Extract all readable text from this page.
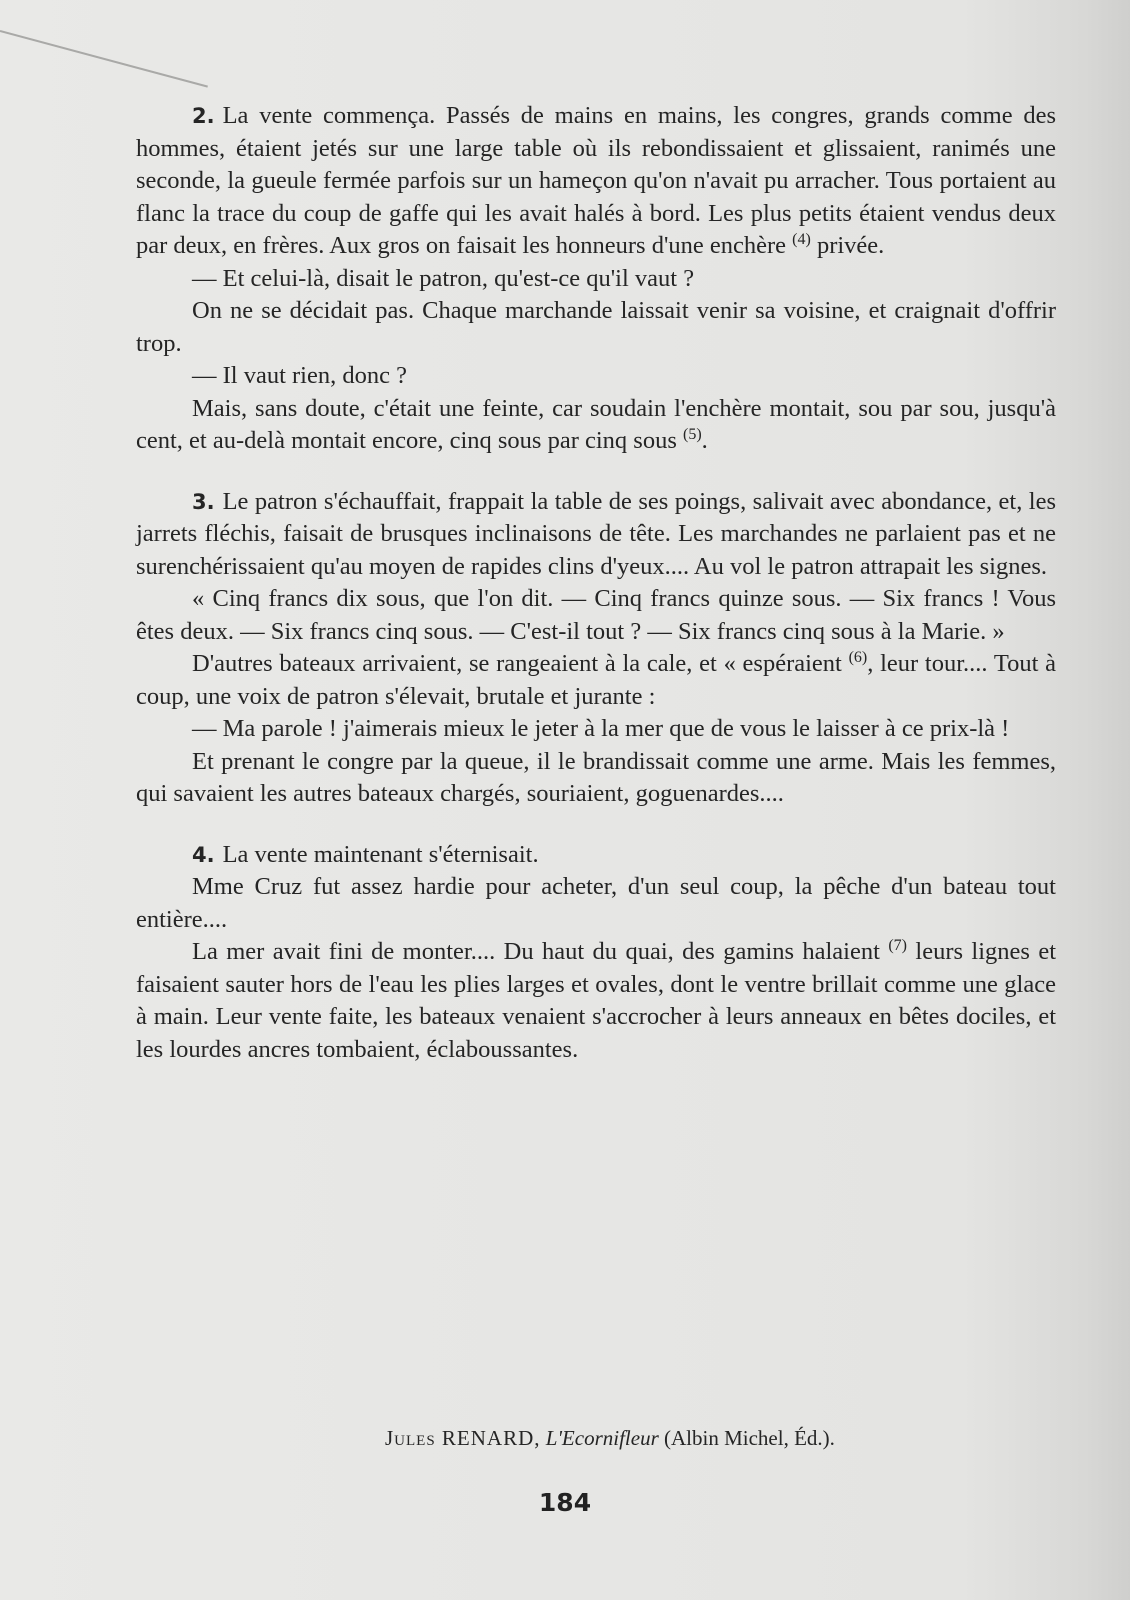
2. La vente commença. Passés de mains en mains, les congres, grands comme des hommes, étaient jetés sur une large table où ils rebondissaient et glissaient, ranimés une seconde, la gueule fermée parfois sur un hameçon qu'on n'avait pu arracher. Tous portaient au flanc la trace du coup de gaffe qui les avait halés à bord. Les plus petits étaient vendus deux par deux, en frères. Aux gros on faisait les honneurs d'une enchère $^{(4)}$ privée.

— Et celui-là, disait le patron, qu'est-ce qu'il vaut ?

On ne se décidait pas. Chaque marchande laissait venir sa voisine, et craignait d'offrir trop.

— Il vaut rien, donc ?

Mais, sans doute, c'était une feinte, car soudain l'enchère montait, sou par sou, jusqu'à cent, et au-delà montait encore, cinq sous par cinq sous $^{(5)}$.

3. Le patron s'échauffait, frappait la table de ses poings, salivait avec abondance, et, les jarrets fléchis, faisait de brusques inclinaisons de tête. Les marchandes ne parlaient pas et ne surenchérissaient qu'au moyen de rapides clins d'yeux.... Au vol le patron attrapait les signes.

« Cinq francs dix sous, que l'on dit. — Cinq francs quinze sous. — Six francs ! Vous êtes deux. — Six francs cinq sous. — C'est-il tout ? — Six francs cinq sous à la Marie. »

D'autres bateaux arrivaient, se rangeaient à la cale, et « espéraient $^{(6)}$, leur tour.... Tout à coup, une voix de patron s'élevait, brutale et jurante :

— Ma parole ! j'aimerais mieux le jeter à la mer que de vous le laisser à ce prix-là !

Et prenant le congre par la queue, il le brandissait comme une arme. Mais les femmes, qui savaient les autres bateaux chargés, souriaient, goguenardes....

4. La vente maintenant s'éternisait.

Mme Cruz fut assez hardie pour acheter, d'un seul coup, la pêche d'un bateau tout entière....

La mer avait fini de monter.... Du haut du quai, des gamins halaient $^{(7)}$ leurs lignes et faisaient sauter hors de l'eau les plies larges et ovales, dont le ventre brillait comme une glace à main. Leur vente faite, les bateaux venaient s'accrocher à leurs anneaux en bêtes dociles, et les lourdes ancres tombaient, éclaboussantes.

Jules RENARD, L'Ecornifleur (Albin Michel, Éd.).
184
